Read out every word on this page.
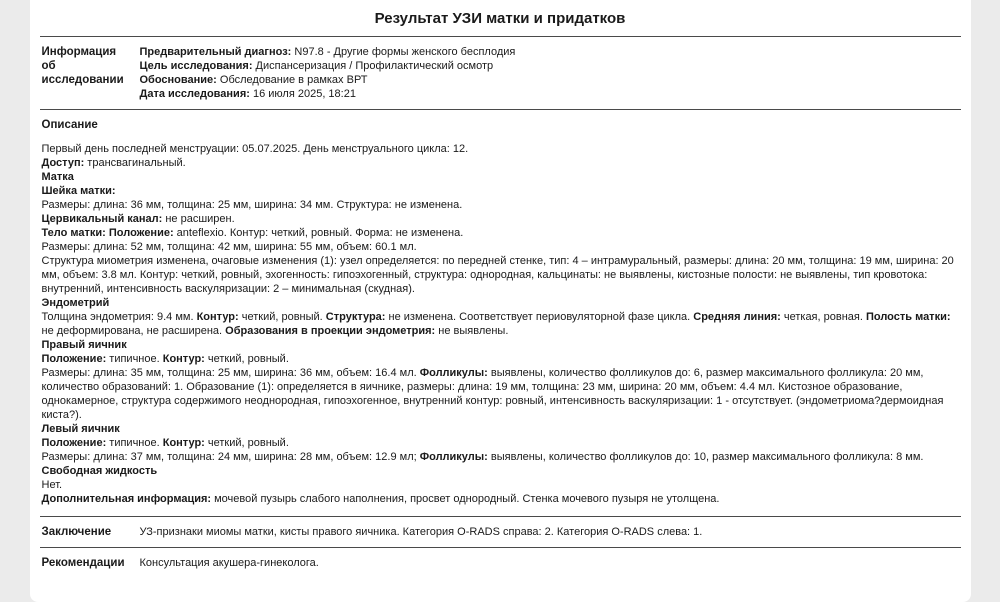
Результат УЗИ матки и придатков
Информация об исследовании
Предварительный диагноз: N97.8 - Другие формы женского бесплодия
Цель исследования: Диспансеризация / Профилактический осмотр
Обоснование: Обследование в рамках ВРТ
Дата исследования: 16 июля 2025, 18:21
Описание
Первый день последней менструации: 05.07.2025. День менструального цикла: 12.
Доступ: трансвагинальный.
Матка
Шейка матки:
Размеры: длина: 36 мм, толщина: 25 мм, ширина: 34 мм. Структура: не изменена.
Цервикальный канал: не расширен.
Тело матки: Положение: anteflexio. Контур: четкий, ровный. Форма: не изменена.
Размеры: длина: 52 мм, толщина: 42 мм, ширина: 55 мм, объем: 60.1 мл.
Структура миометрия изменена, очаговые изменения (1): узел определяется: по передней стенке, тип: 4 – интрамуральный, размеры: длина: 20 мм, толщина: 19 мм, ширина: 20 мм, объем: 3.8 мл. Контур: четкий, ровный, эхогенность: гипоэхогенный, структура: однородная, кальцинаты: не выявлены, кистозные полости: не выявлены, тип кровотока: внутренний, интенсивность васкуляризации: 2 – минимальная (скудная).
Эндометрий
Толщина эндометрия: 9.4 мм. Контур: четкий, ровный. Структура: не изменена. Соответствует периовуляторной фазе цикла. Средняя линия: четкая, ровная. Полость матки: не деформирована, не расширена. Образования в проекции эндометрия: не выявлены.
Правый яичник
Положение: типичное. Контур: четкий, ровный.
Размеры: длина: 35 мм, толщина: 25 мм, ширина: 36 мм, объем: 16.4 мл. Фолликулы: выявлены, количество фолликулов до: 6, размер максимального фолликула: 20 мм, количество образований: 1. Образование (1): определяется в яичнике, размеры: длина: 19 мм, толщина: 23 мм, ширина: 20 мм, объем: 4.4 мл. Кистозное образование, однокамерное, структура содержимого неоднородная, гипоэхогенное, внутренний контур: ровный, интенсивность васкуляризации: 1 - отсутствует. (эндометриома?дермоидная киста?).
Левый яичник
Положение: типичное. Контур: четкий, ровный.
Размеры: длина: 37 мм, толщина: 24 мм, ширина: 28 мм, объем: 12.9 мл; Фолликулы: выявлены, количество фолликулов до: 10, размер максимального фолликула: 8 мм.
Свободная жидкость
Нет.
Дополнительная информация: мочевой пузырь слабого наполнения, просвет однородный. Стенка мочевого пузыря не утолщена.
Заключение	УЗ-признаки миомы матки, кисты правого яичника. Категория O-RADS справа: 2. Категория O-RADS слева: 1.
Рекомендации	Консультация акушера-гинеколога.
